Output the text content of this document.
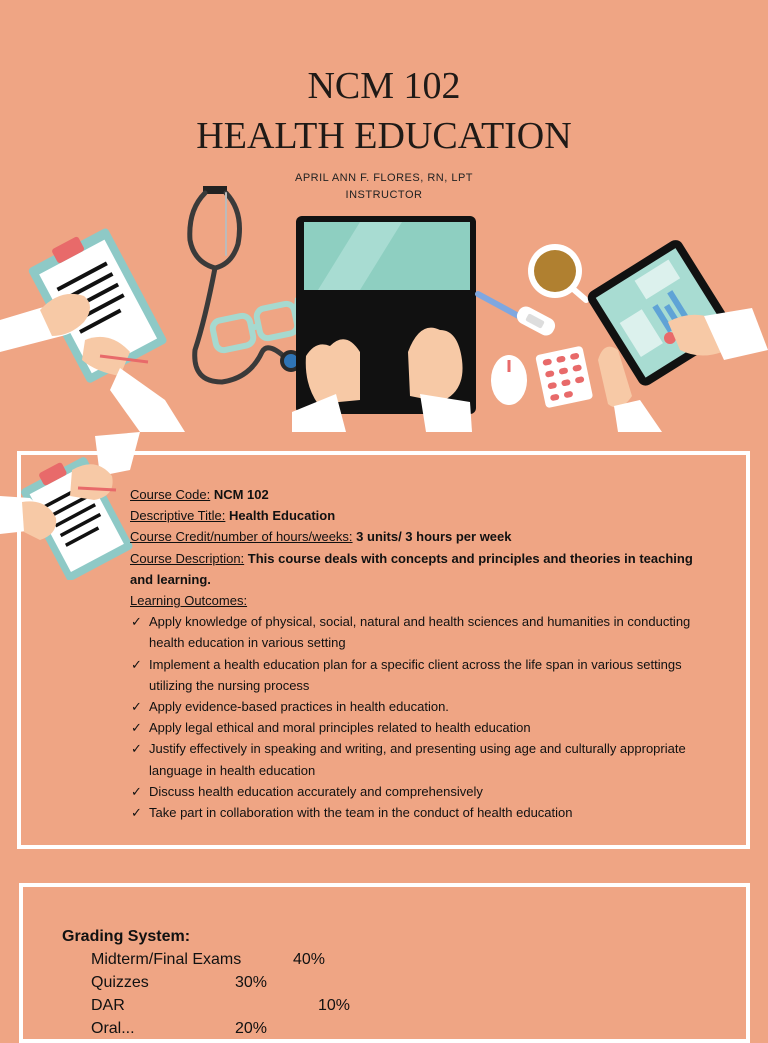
NCM 102
HEALTH EDUCATION
APRIL ANN F. FLORES, RN, LPT
INSTRUCTOR
Course Code: NCM 102
Descriptive Title: Health Education
Course Credit/number of hours/weeks: 3 units/ 3 hours per week
Course Description: This course deals with concepts and principles and theories in teaching and learning.
Learning Outcomes:
✓ Apply knowledge of physical, social, natural and health sciences and humanities in conducting health education in various setting
✓ Implement a health education plan for a specific client across the life span in various settings utilizing the nursing process
✓ Apply evidence-based practices in health education.
✓ Apply legal ethical and moral principles related to health education
✓ Justify effectively in speaking and writing, and presenting using age and culturally appropriate language in health education
✓ Discuss health education accurately and comprehensively
✓ Take part in collaboration with the team in the conduct of health education
Grading System:
Midterm/Final Exams	40%
Quizzes	30%
DAR	10%
Oral...	20%
